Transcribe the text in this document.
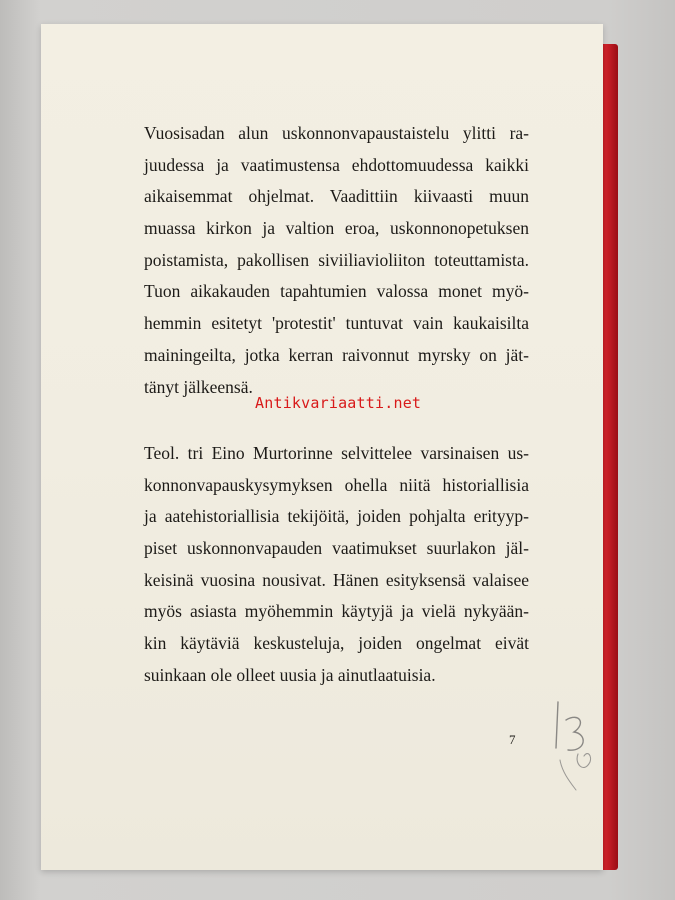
Vuosisadan alun uskonnonvapaustaistelu ylitti ra-
juudessa ja vaatimustensa ehdottomuudessa kaikki
aikaisemmat ohjelmat. Vaadittiin kiivaasti muun
muassa kirkon ja valtion eroa, uskonnonopetuksen
poistamista, pakollisen siviiliavioliiton toteuttamista.
Tuon aikakauden tapahtumien valossa monet myö-
hemmin esitetyt 'protestit' tuntuvat vain kaukaisilta
mainingeilta, jotka kerran raivonnut myrsky on jät-
tänyt jälkeensä.
Teol. tri Eino Murtorinne selvittelee varsinaisen us-
konnonvapauskysymyksen ohella niitä historiallisia
ja aatehistoriallisia tekijöitä, joiden pohjalta erityyp-
piset uskonnonvapauden vaatimukset suurlakon jäl-
keisinä vuosina nousivat. Hänen esityksensä valaisee
myös asiasta myöhemmin käytyjä ja vielä nykyään-
kin käytäviä keskusteluja, joiden ongelmat eivät
suinkaan ole olleet uusia ja ainutlaatuisia.
Antikvariaatti.net
7
